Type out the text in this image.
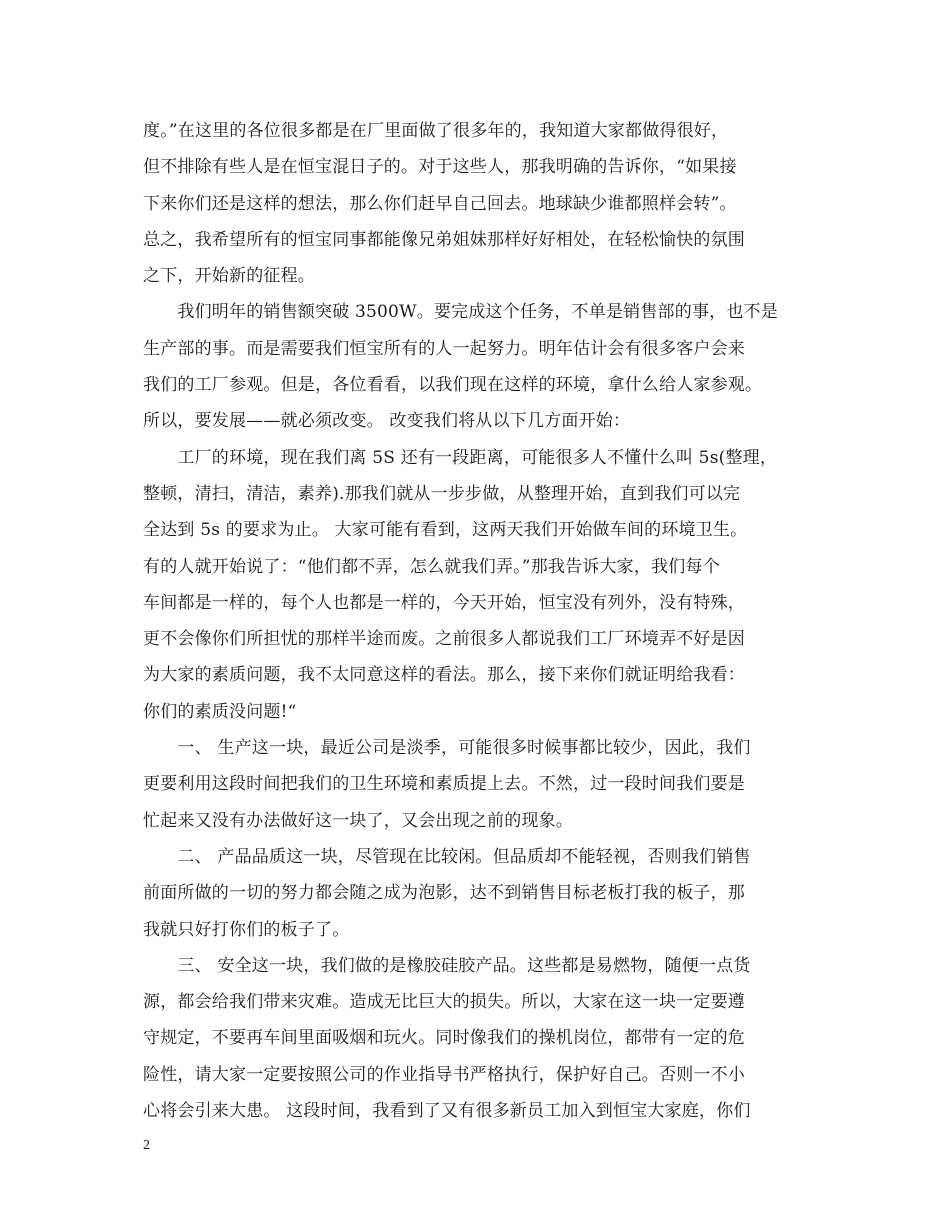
度。”在这里的各位很多都是在厂里面做了很多年的，我知道大家都做得很好，
但不排除有些人是在恒宝混日子的。对于这些人，那我明确的告诉你，“如果接
下来你们还是这样的想法，那么你们赶早自己回去。地球缺少谁都照样会转”。
总之，我希望所有的恒宝同事都能像兄弟姐妹那样好好相处，在轻松愉快的氛围
之下，开始新的征程。
　　我们明年的销售额突破 3500W。要完成这个任务，不单是销售部的事，也不是
生产部的事。而是需要我们恒宝所有的人一起努力。明年估计会有很多客户会来
我们的工厂参观。但是，各位看看，以我们现在这样的环境，拿什么给人家参观。
所以，要发展——就必须改变。 改变我们将从以下几方面开始：
　　工厂的环境，现在我们离 5S 还有一段距离，可能很多人不懂什么叫 5s(整理，
整顿，清扫，清洁，素养).那我们就从一步步做，从整理开始，直到我们可以完
全达到 5s 的要求为止。 大家可能有看到，这两天我们开始做车间的环境卫生。
有的人就开始说了：“他们都不弄，怎么就我们弄。”那我告诉大家，我们每个
车间都是一样的，每个人也都是一样的，今天开始，恒宝没有列外，没有特殊，
更不会像你们所担忧的那样半途而废。之前很多人都说我们工厂环境弄不好是因
为大家的素质问题，我不太同意这样的看法。那么，接下来你们就证明给我看：
你们的素质没问题!“
　　一、 生产这一块，最近公司是淡季，可能很多时候事都比较少，因此，我们
更要利用这段时间把我们的卫生环境和素质提上去。不然，过一段时间我们要是
忙起来又没有办法做好这一块了，又会出现之前的现象。
　　二、 产品品质这一块，尽管现在比较闲。但品质却不能轻视，否则我们销售
前面所做的一切的努力都会随之成为泡影，达不到销售目标老板打我的板子，那
我就只好打你们的板子了。
　　三、 安全这一块，我们做的是橡胶硅胶产品。这些都是易燃物，随便一点货
源，都会给我们带来灾难。造成无比巨大的损失。所以，大家在这一块一定要遵
守规定，不要再车间里面吸烟和玩火。同时像我们的操机岗位，都带有一定的危
险性，请大家一定要按照公司的作业指导书严格执行，保护好自己。否则一不小
心将会引来大患。 这段时间，我看到了又有很多新员工加入到恒宝大家庭，你们
2
